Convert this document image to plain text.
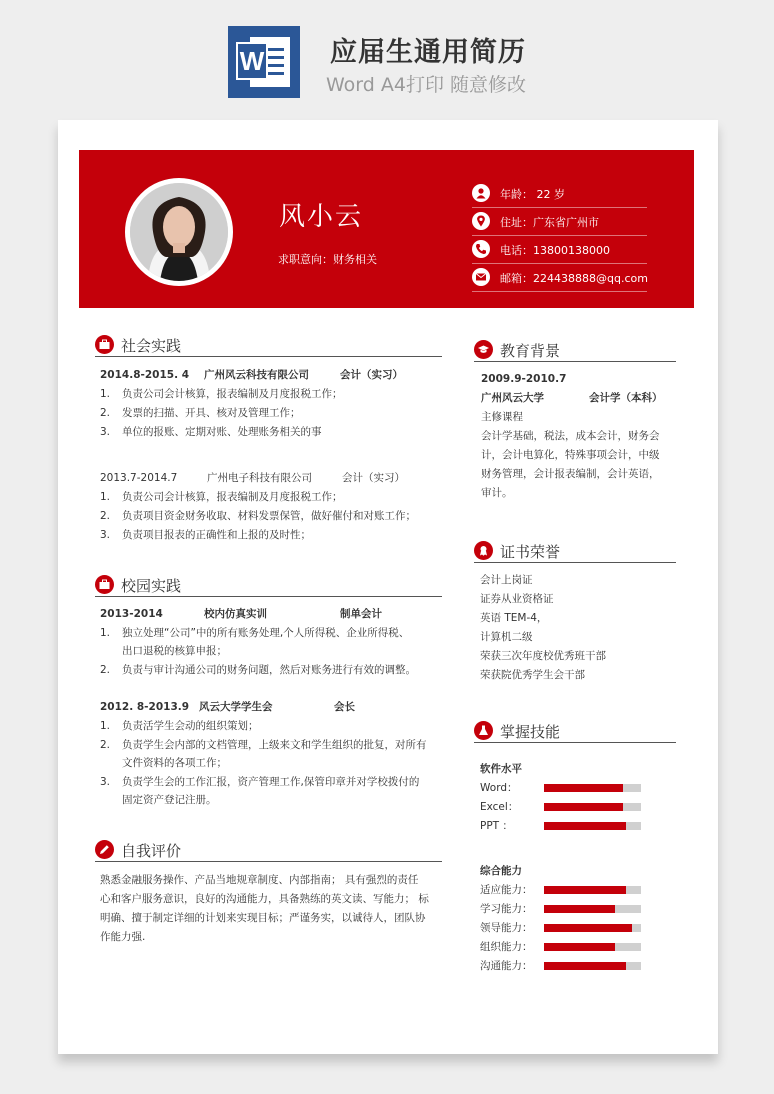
W 应届生通用简历
Word A4打印 随意修改
风小云
求职意向：财务相关
年龄： 22 岁
住址：广东省广州市
电话：13800138000
邮箱：224438888@qq.com
社会实践
2014.8-2015. 4 广州风云科技有限公司	会计（实习）
1. 负责公司会计核算，报表编制及月度报税工作；
2. 发票的扫描、开具、核对及管理工作；
3. 单位的报账、定期对账、处理账务相关的事
2013.7-2014.7	广州电子科技有限公司	会计（实习）
1. 负责公司会计核算，报表编制及月度报税工作；
2. 负责项目资金财务收取、材料发票保管，做好催付和对账工作；
3. 负责项目报表的正确性和上报的及时性；
校园实践
2013-2014	校内仿真实训	制单会计
1. 独立处理“公司”中的所有账务处理,个人所得税、企业所得税、
出口退税的核算申报；
2. 负责与审计沟通公司的财务问题，然后对账务进行有效的调整。
2012. 8-2013.9 风云大学学生会	会长
1. 负责活学生会动的组织策划；
2. 负责学生会内部的文档管理，上级来文和学生组织的批复，对所有
文件资料的各项工作；
3. 负责学生会的工作汇报，资产管理工作,保管印章并对学校拨付的
固定资产登记注册。
自我评价
熟悉金融服务操作、产品当地规章制度、内部指南； 具有强烈的责任
心和客户服务意识，良好的沟通能力，具备熟练的英文读、写能力； 标
明确、擅于制定详细的计划来实现目标；严谨务实，以诚待人，团队协
作能力强.
教育背景
2009.9-2010.7
广州风云大学	会计学（本科）
主修课程
会计学基础，税法，成本会计，财务会
计，会计电算化，特殊事项会计，中级
财务管理，会计报表编制，会计英语，
审计。
证书荣誉
会计上岗证
证券从业资格证
英语 TEM-4，
计算机二级
荣获三次年度校优秀班干部
荣获院优秀学生会干部
掌握技能
软件水平
Word：
Excel：
PPT ：
综合能力
适应能力：
学习能力：
领导能力：
组织能力：
沟通能力：
